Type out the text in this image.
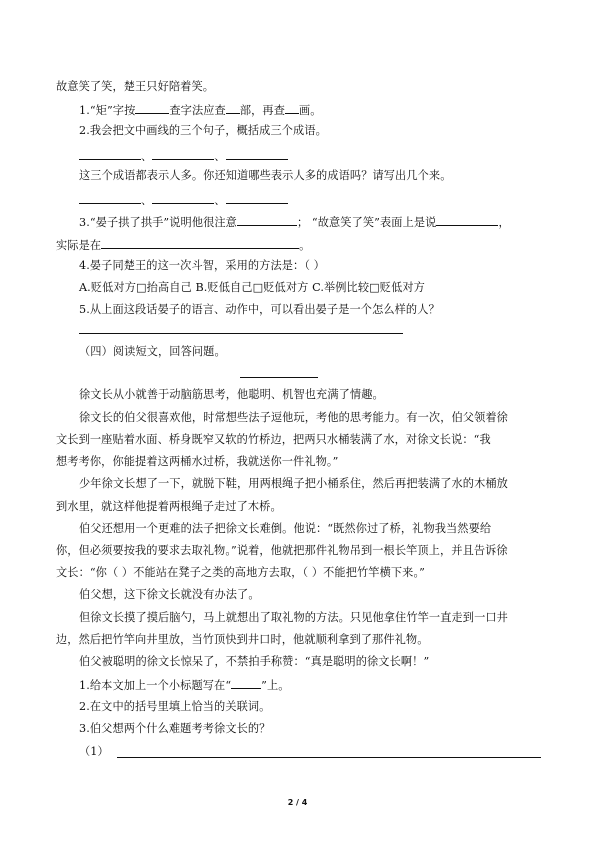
故意笑了笑，楚王只好陪着笑。
1.“矩”字按	查字法应查 部，再查 画。
2.我会把文中画线的三个句子，概括成三个成语。
、	、
这三个成语都表示人多。你还知道哪些表示人多的成语吗？请写出几个来。
、	、
3.“晏子拱了拱手”说明他很注意	； “故意笑了笑”表面上是说	，
实际是在	。
4.晏子同楚王的这一次斗智，采用的方法是：（ ）
A.贬低对方□抬高自己 B.贬低自己□贬低对方 C.举例比较□贬低对方
5.从上面这段话晏子的语言、动作中，可以看出晏子是一个怎么样的人？
（四）阅读短文，回答问题。
徐文长从小就善于动脑筋思考，他聪明、机智也充满了情趣。
徐文长的伯父很喜欢他，时常想些法子逗他玩，考他的思考能力。有一次，伯父领着徐
文长到一座贴着水面、桥身既窄又软的竹桥边，把两只水桶装满了水，对徐文长说：“我
想考考你，你能提着这两桶水过桥，我就送你一件礼物。”
少年徐文长想了一下，就脱下鞋，用两根绳子把小桶系住，然后再把装满了水的木桶放
到水里，就这样他提着两根绳子走过了木桥。
伯父还想用一个更难的法子把徐文长难倒。他说：“既然你过了桥，礼物我当然要给
你，但必须要按我的要求去取礼物。”说着，他就把那件礼物吊到一根长竿顶上，并且告诉徐
文长：“你（ ）不能站在凳子之类的高地方去取，（ ）不能把竹竿横下来。”
伯父想，这下徐文长就没有办法了。
但徐文长摸了摸后脑勺，马上就想出了取礼物的方法。只见他拿住竹竿一直走到一口井
边，然后把竹竿向井里放，当竹顶快到井口时，他就顺利拿到了那件礼物。
伯父被聪明的徐文长惊呆了，不禁拍手称赞：“真是聪明的徐文长啊！”
1.给本文加上一个小标题写在“	”上。
2.在文中的括号里填上恰当的关联词。
3.伯父想两个什么难题考考徐文长的？
（1）
2 / 4
